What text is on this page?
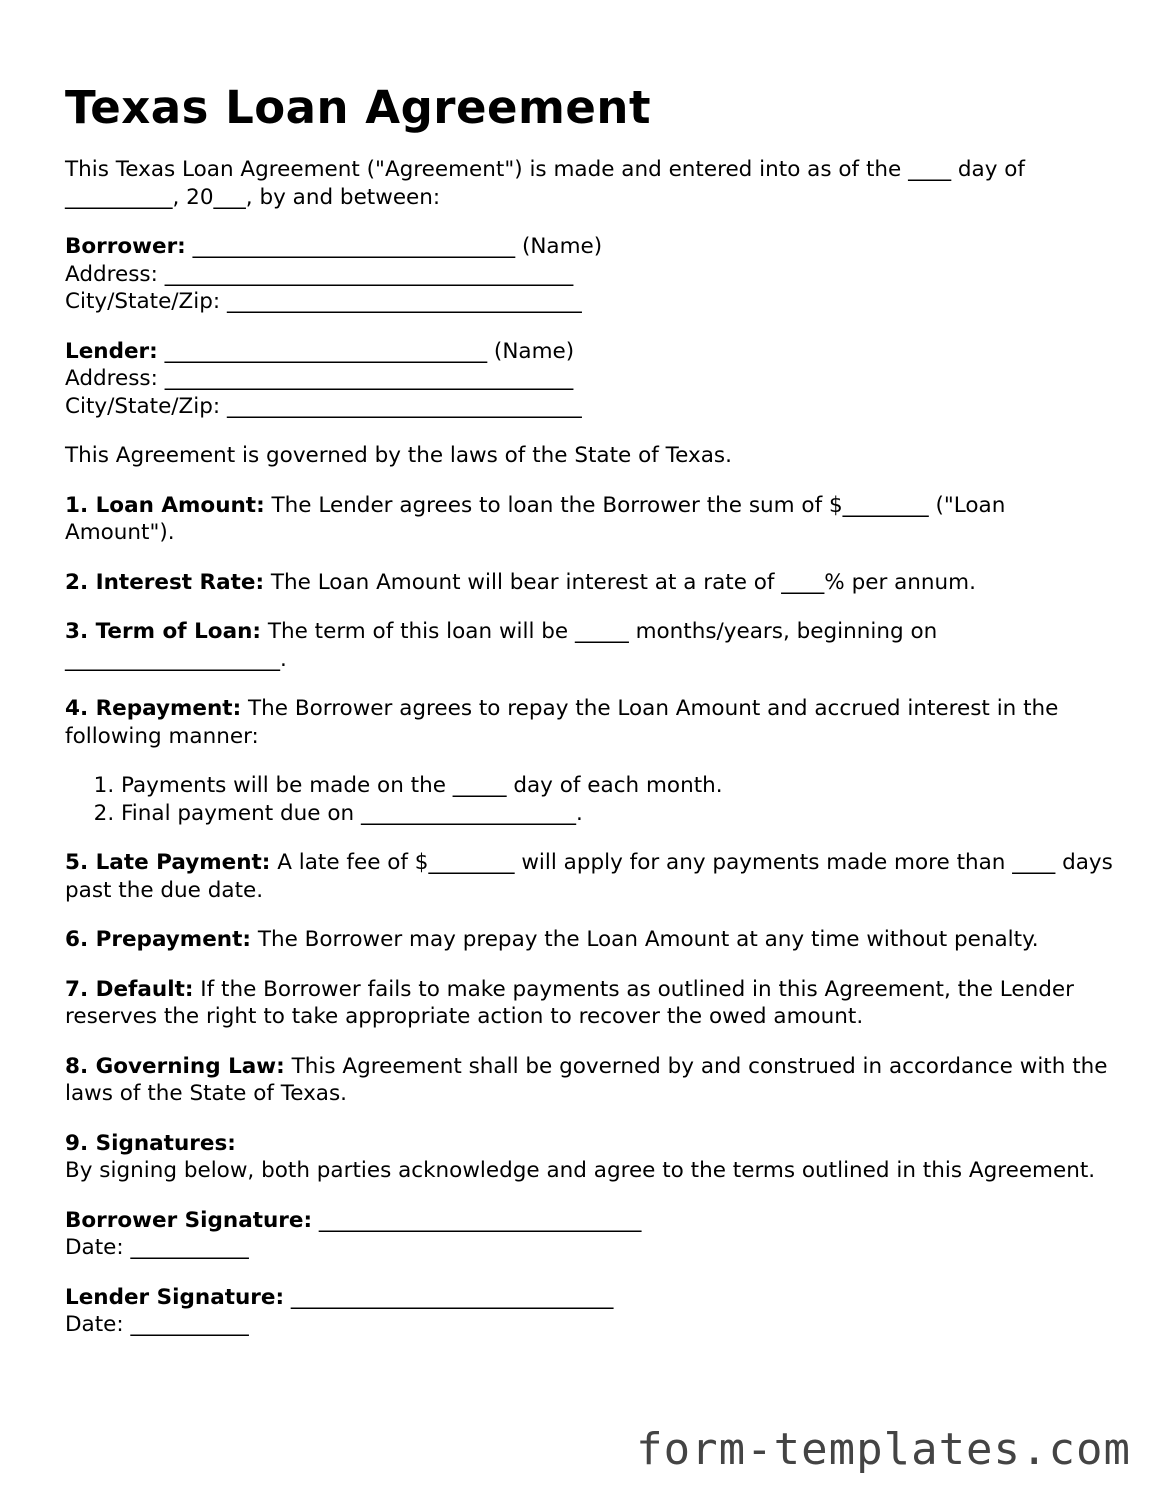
Texas Loan Agreement

This Texas Loan Agreement ("Agreement") is made and entered into as of the ____ day of __________, 20___, by and between:

Borrower: ______________________________ (Name)
Address: ______________________________________
City/State/Zip: _________________________________
Lender: ______________________________ (Name)
Address: ______________________________________
City/State/Zip: _________________________________

This Agreement is governed by the laws of the State of Texas.

1. Loan Amount: The Lender agrees to loan the Borrower the sum of $________ ("Loan Amount").

2. Interest Rate: The Loan Amount will bear interest at a rate of ____% per annum.

3. Term of Loan: The term of this loan will be _____ months/years, beginning on ____________________.

4. Repayment: The Borrower agrees to repay the Loan Amount and accrued interest in the following manner:

1. Payments will be made on the _____ day of each month.
2. Final payment due on ____________________.

5. Late Payment: A late fee of $________ will apply for any payments made more than ____ days past the due date.

6. Prepayment: The Borrower may prepay the Loan Amount at any time without penalty.

7. Default: If the Borrower fails to make payments as outlined in this Agreement, the Lender reserves the right to take appropriate action to recover the owed amount.

8. Governing Law: This Agreement shall be governed by and construed in accordance with the laws of the State of Texas.

9. Signatures:
By signing below, both parties acknowledge and agree to the terms outlined in this Agreement.

Borrower Signature: ______________________________
Date: ___________
Lender Signature: ______________________________
Date: ___________
form-templates.com
